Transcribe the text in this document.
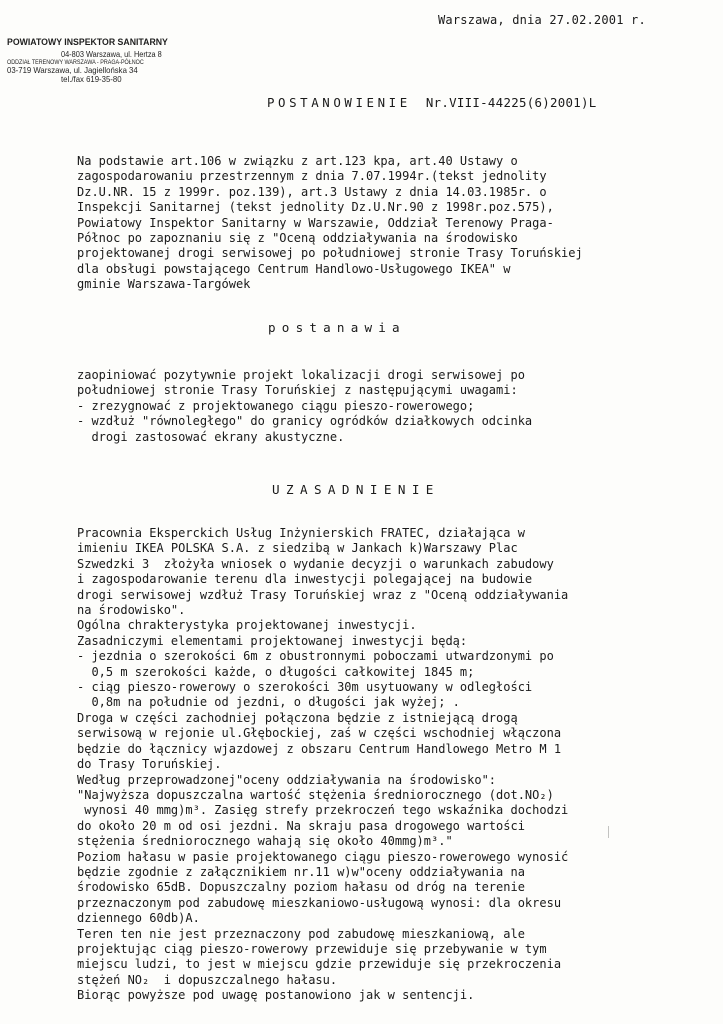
Warszawa, dnia 27.02.2001 r.
POWIATOWY INSPEKTOR SANITARNY
04-803 Warszawa, ul. Hertza 8
ODDZIAŁ TERENOWY WARSZAWA - PRAGA-PÓŁNOC
03-719 Warszawa, ul. Jagiellońska 34
tel./fax 619-35-80
POSTANOWIENIE Nr.VIII-44225(6)2001)L
Na podstawie art.106 w związku z art.123 kpa, art.40 Ustawy o
zagospodarowaniu przestrzennym z dnia 7.07.1994r.(tekst jednolity
Dz.U.NR. 15 z 1999r. poz.139), art.3 Ustawy z dnia 14.03.1985r. o
Inspekcji Sanitarnej (tekst jednolity Dz.U.Nr.90 z 1998r.poz.575),
Powiatowy Inspektor Sanitarny w Warszawie, Oddział Terenowy Praga-
Północ po zapoznaniu się z "Oceną oddziaływania na środowisko
projektowanej drogi serwisowej po południowej stronie Trasy Toruńskiej
dla obsługi powstającego Centrum Handlowo-Usługowego IKEA" w
gminie Warszawa-Targówek
postanawia
zaopiniować pozytywnie projekt lokalizacji drogi serwisowej po
południowej stronie Trasy Toruńskiej z następującymi uwagami:
- zrezygnować z projektowanego ciągu pieszo-rowerowego;
- wzdłuż "równoległego" do granicy ogródków działkowych odcinka
drogi zastosować ekrany akustyczne.
UZASADNIENIE
Pracownia Eksperckich Usług Inżynierskich FRATEC, działająca w
imieniu IKEA POLSKA S.A. z siedzibą w Jankach k)Warszawy Plac
Szwedzki 3  złożyła wniosek o wydanie decyzji o warunkach zabudowy
i zagospodarowanie terenu dla inwestycji polegającej na budowie
drogi serwisowej wzdłuż Trasy Toruńskiej wraz z "Oceną oddziaływania
na środowisko".
Ogólna chrakterystyka projektowanej inwestycji.
Zasadniczymi elementami projektowanej inwestycji będą:
- jezdnia o szerokości 6m z obustronnymi poboczami utwardzonymi po
0,5 m szerokości każde, o długości całkowitej 1845 m;
- ciąg pieszo-rowerowy o szerokości 30m usytuowany w odległości
0,8m na południe od jezdni, o długości jak wyżej; .
Droga w części zachodniej połączona będzie z istniejącą drogą
serwisową w rejonie ul.Głębockiej, zaś w części wschodniej włączona
będzie do łącznicy wjazdowej z obszaru Centrum Handlowego Metro M 1
do Trasy Toruńskiej.
Według przeprowadzonej"oceny oddziaływania na środowisko":
"Najwyższa dopuszczalna wartość stężenia średniorocznego (dot.NO₂)
wynosi 40 mmg)m³. Zasięg strefy przekroczeń tego wskaźnika dochodzi
do około 20 m od osi jezdni. Na skraju pasa drogowego wartości
stężenia średniorocznego wahają się około 40mmg)m³."
Poziom hałasu w pasie projektowanego ciągu pieszo-rowerowego wynosić
będzie zgodnie z załącznikiem nr.11 w)w"oceny oddziaływania na
środowisko 65dB. Dopuszczalny poziom hałasu od dróg na terenie
przeznaczonym pod zabudowę mieszkaniowo-usługową wynosi: dla okresu
dziennego 60db)A.
Teren ten nie jest przeznaczony pod zabudowę mieszkaniową, ale
projektując ciąg pieszo-rowerowy przewiduje się przebywanie w tym
miejscu ludzi, to jest w miejscu gdzie przewiduje się przekroczenia
stężeń NO₂  i dopuszczalnego hałasu.
Biorąc powyższe pod uwagę postanowiono jak w sentencji.
